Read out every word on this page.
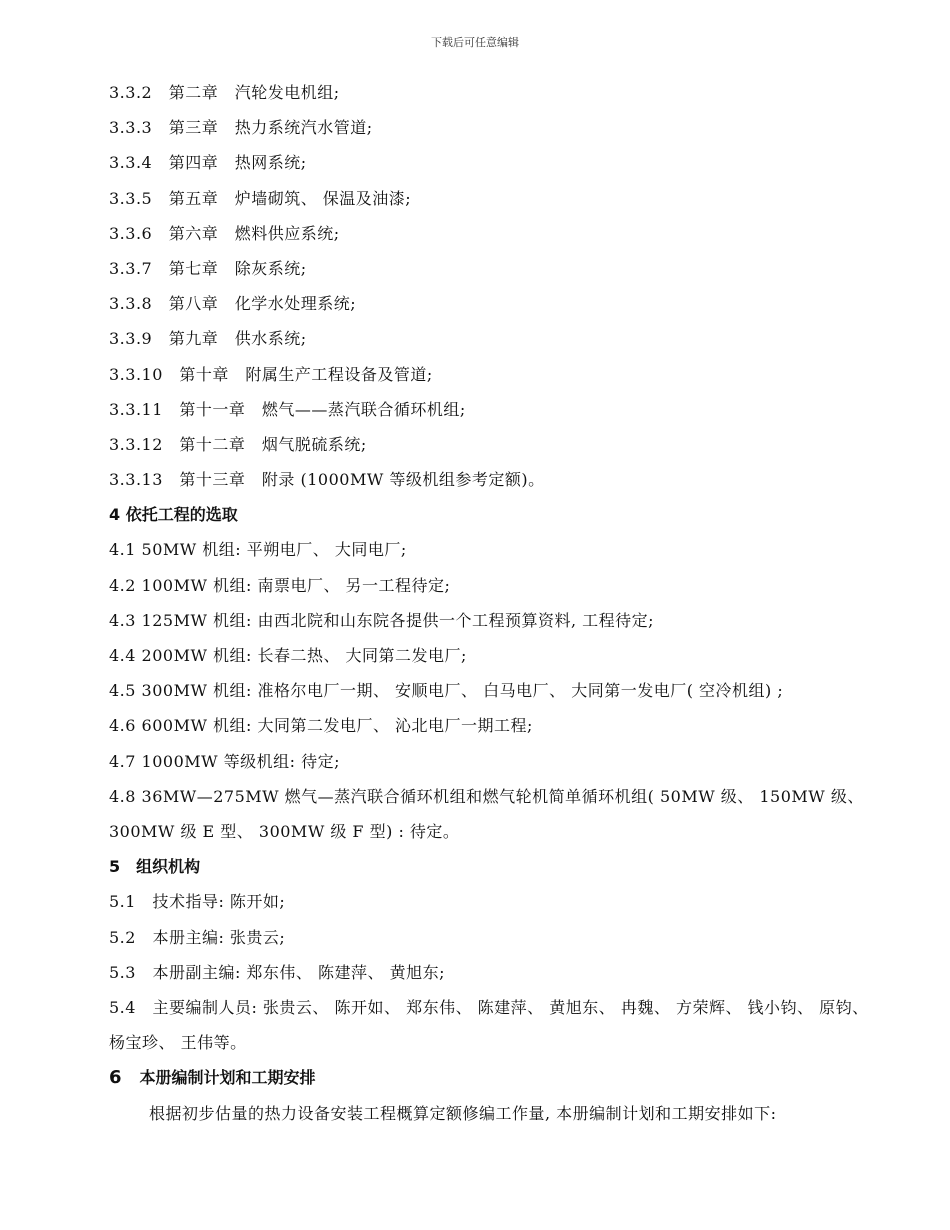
下载后可任意编辑
3.3.2　第二章　汽轮发电机组;
3.3.3　第三章　热力系统汽水管道;
3.3.4　第四章　热网系统;
3.3.5　第五章　炉墙砌筑、 保温及油漆;
3.3.6　第六章　燃料供应系统;
3.3.7　第七章　除灰系统;
3.3.8　第八章　化学水处理系统;
3.3.9　第九章　供水系统;
3.3.10　第十章　附属生产工程设备及管道;
3.3.11　第十一章　燃气——蒸汽联合循环机组;
3.3.12　第十二章　烟气脱硫系统;
3.3.13　第十三章　附录 (1000MW 等级机组参考定额)。
4 依托工程的选取
4.1 50MW 机组: 平朔电厂、 大同电厂;
4.2 100MW 机组: 南票电厂、 另一工程待定;
4.3 125MW 机组: 由西北院和山东院各提供一个工程预算资料, 工程待定;
4.4 200MW 机组: 长春二热、 大同第二发电厂;
4.5 300MW 机组: 准格尔电厂一期、 安顺电厂、 白马电厂、 大同第一发电厂( 空冷机组) ;
4.6 600MW 机组: 大同第二发电厂、 沁北电厂一期工程;
4.7 1000MW 等级机组: 待定;
4.8 36MW—275MW 燃气—蒸汽联合循环机组和燃气轮机简单循环机组( 50MW 级、 150MW 级、 300MW 级 E 型、 300MW 级 F 型) : 待定。
5　组织机构
5.1　技术指导: 陈开如;
5.2　本册主编: 张贵云;
5.3　本册副主编: 郑东伟、 陈建萍、 黄旭东;
5.4　主要编制人员: 张贵云、 陈开如、 郑东伟、 陈建萍、 黄旭东、 冉魏、 方荣辉、 钱小钧、 原钧、 杨宝珍、 王伟等。
6 本册编制计划和工期安排
根据初步估量的热力设备安装工程概算定额修编工作量, 本册编制计划和工期安排如下:
